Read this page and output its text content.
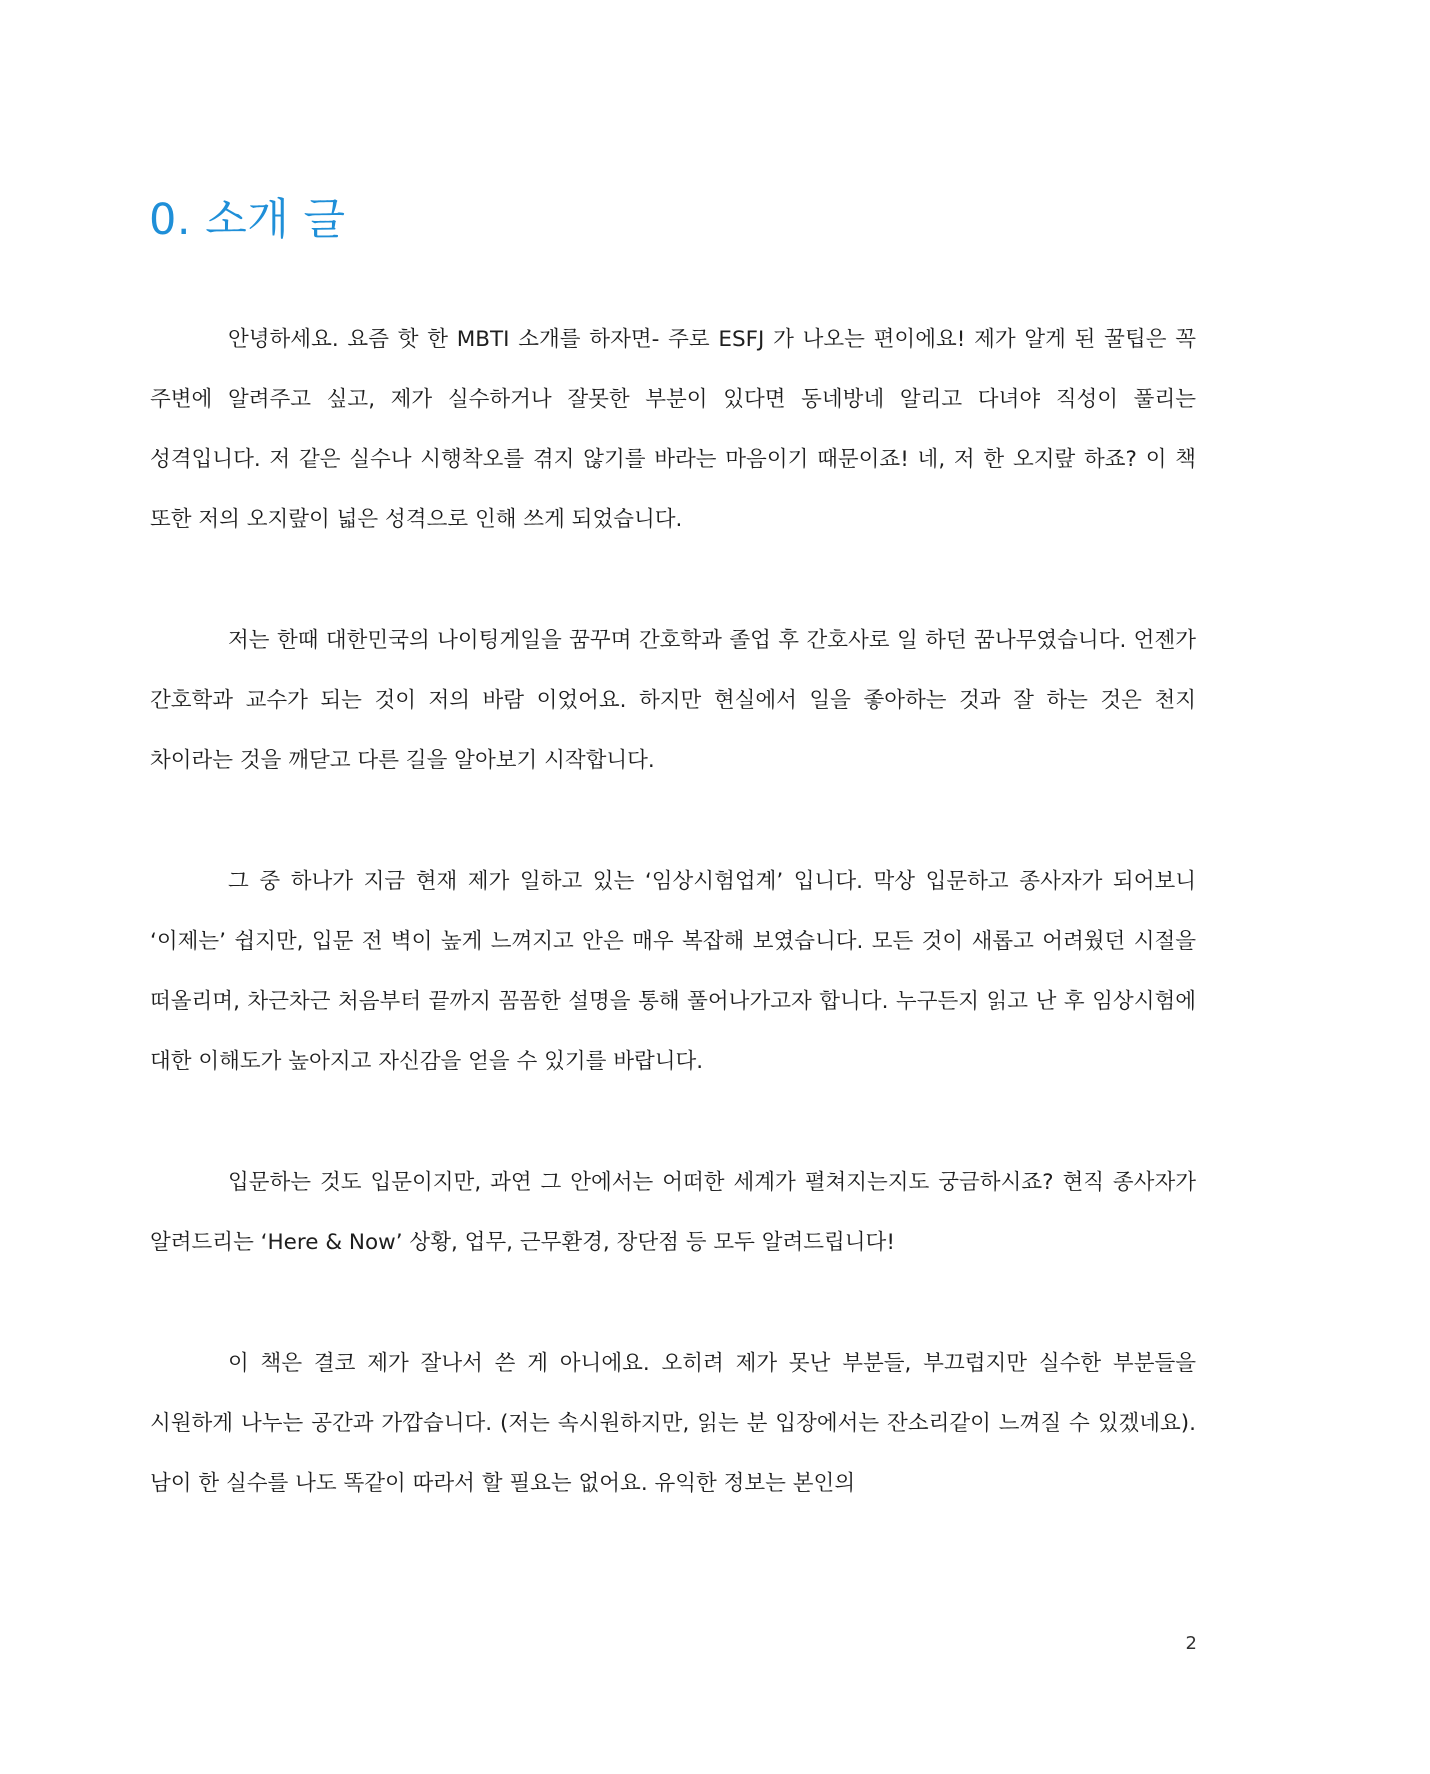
0. 소개 글

안녕하세요. 요즘 핫 한 MBTI 소개를 하자면- 주로 ESFJ 가 나오는 편이에요! 제가 알게 된 꿀팁은 꼭 주변에 알려주고 싶고, 제가 실수하거나 잘못한 부분이 있다면 동네방네 알리고 다녀야 직성이 풀리는 성격입니다. 저 같은 실수나 시행착오를 겪지 않기를 바라는 마음이기 때문이죠! 네, 저 한 오지랖 하죠? 이 책 또한 저의 오지랖이 넓은 성격으로 인해 쓰게 되었습니다.

저는 한때 대한민국의 나이팅게일을 꿈꾸며 간호학과 졸업 후 간호사로 일 하던 꿈나무였습니다. 언젠가 간호학과 교수가 되는 것이 저의 바람 이었어요. 하지만 현실에서 일을 좋아하는 것과 잘 하는 것은 천지 차이라는 것을 깨닫고 다른 길을 알아보기 시작합니다.

그 중 하나가 지금 현재 제가 일하고 있는 ‘임상시험업계’ 입니다. 막상 입문하고 종사자가 되어보니 ‘이제는’ 쉽지만, 입문 전 벽이 높게 느껴지고 안은 매우 복잡해 보였습니다. 모든 것이 새롭고 어려웠던 시절을 떠올리며, 차근차근 처음부터 끝까지 꼼꼼한 설명을 통해 풀어나가고자 합니다. 누구든지 읽고 난 후 임상시험에 대한 이해도가 높아지고 자신감을 얻을 수 있기를 바랍니다.

입문하는 것도 입문이지만, 과연 그 안에서는 어떠한 세계가 펼쳐지는지도 궁금하시죠? 현직 종사자가 알려드리는 ‘Here & Now’ 상황, 업무, 근무환경, 장단점 등 모두 알려드립니다!

이 책은 결코 제가 잘나서 쓴 게 아니에요. 오히려 제가 못난 부분들, 부끄럽지만 실수한 부분들을 시원하게 나누는 공간과 가깝습니다. (저는 속시원하지만, 읽는 분 입장에서는 잔소리같이 느껴질 수 있겠네요). 남이 한 실수를 나도 똑같이 따라서 할 필요는 없어요. 유익한 정보는 본인의

2
